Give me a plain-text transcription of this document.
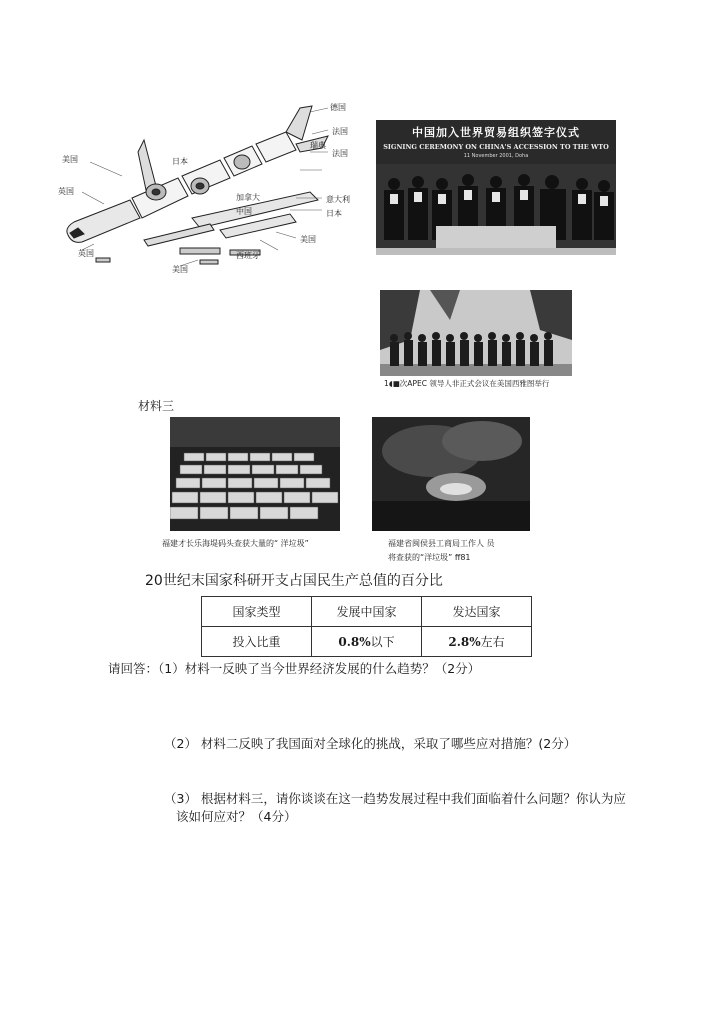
美国
英国
日本
英国
美国
德国
法国
法国
瑞典
加拿大
中国
意大利
日本
西班牙
美国
中国加入世界贸易组织签字仪式
SIGNING CEREMONY ON CHINA'S ACCESSION TO THE WTO
11 November 2001, Doha
1◖■次APEC 领导人非正式会议在美国西雅图举行
材料三
福建才长乐海堤码头查获大量的“ 洋垃圾”	福建省闽侯县工商局工作人 员
将查获的“洋垃圾” ff81
20世纪末国家科研开支占国民生产总值的百分比
国家类型	发展中国家	发达国家
投入比重	0.8%以下	2.8%左右
请回答：（1）材料一反映了当今世界经济发展的什么趋势？（2分）
（2） 材料二反映了我国面对全球化的挑战，采取了哪些应对措施？(2分）
（3） 根据材料三，请你谈谈在这一趋势发展过程中我们面临着什么问题？你认为应
该如何应对？（4分）
